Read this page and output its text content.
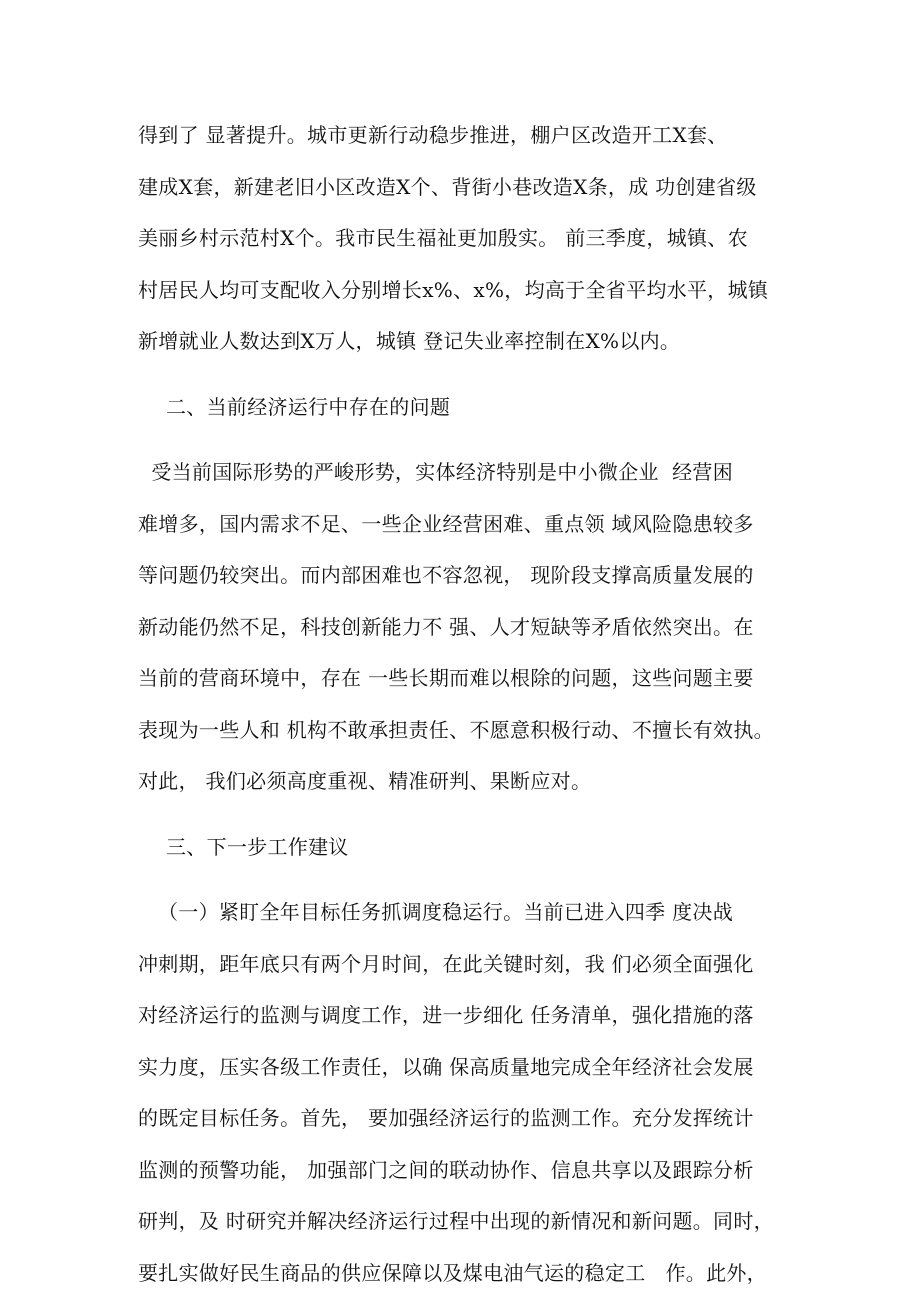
得到了 显著提升。城市更新行动稳步推进，棚户区改造开工X套、
建成X套，新建老旧小区改造X个、背街小巷改造X条，成 功创建省级
美丽乡村示范村X个。我市民生福祉更加殷实。 前三季度，城镇、农
村居民人均可支配收入分别增长x%、x%，均高于全省平均水平，城镇
新增就业人数达到X万人，城镇 登记失业率控制在X%以内。
二、当前经济运行中存在的问题
受当前国际形势的严峻形势，实体经济特别是中小微企业  经营困
难增多，国内需求不足、一些企业经营困难、重点领 域风险隐患较多
等问题仍较突出。而内部困难也不容忽视， 现阶段支撑高质量发展的
新动能仍然不足，科技创新能力不 强、人才短缺等矛盾依然突出。在
当前的营商环境中，存在 一些长期而难以根除的问题，这些问题主要
表现为一些人和 机构不敢承担责任、不愿意积极行动、不擅长有效执。
对此， 我们必须高度重视、精准研判、果断应对。
三、下一步工作建议
（一）紧盯全年目标任务抓调度稳运行。当前已进入四季 度决战
冲刺期，距年底只有两个月时间，在此关键时刻，我 们必须全面强化
对经济运行的监测与调度工作，进一步细化 任务清单，强化措施的落
实力度，压实各级工作责任，以确 保高质量地完成全年经济社会发展
的既定目标任务。首先， 要加强经济运行的监测工作。充分发挥统计
监测的预警功能， 加强部门之间的联动协作、信息共享以及跟踪分析
研判，及 时研究并解决经济运行过程中出现的新情况和新问题。同时，
要扎实做好民生商品的供应保障以及煤电油气运的稳定工   作。此外，
